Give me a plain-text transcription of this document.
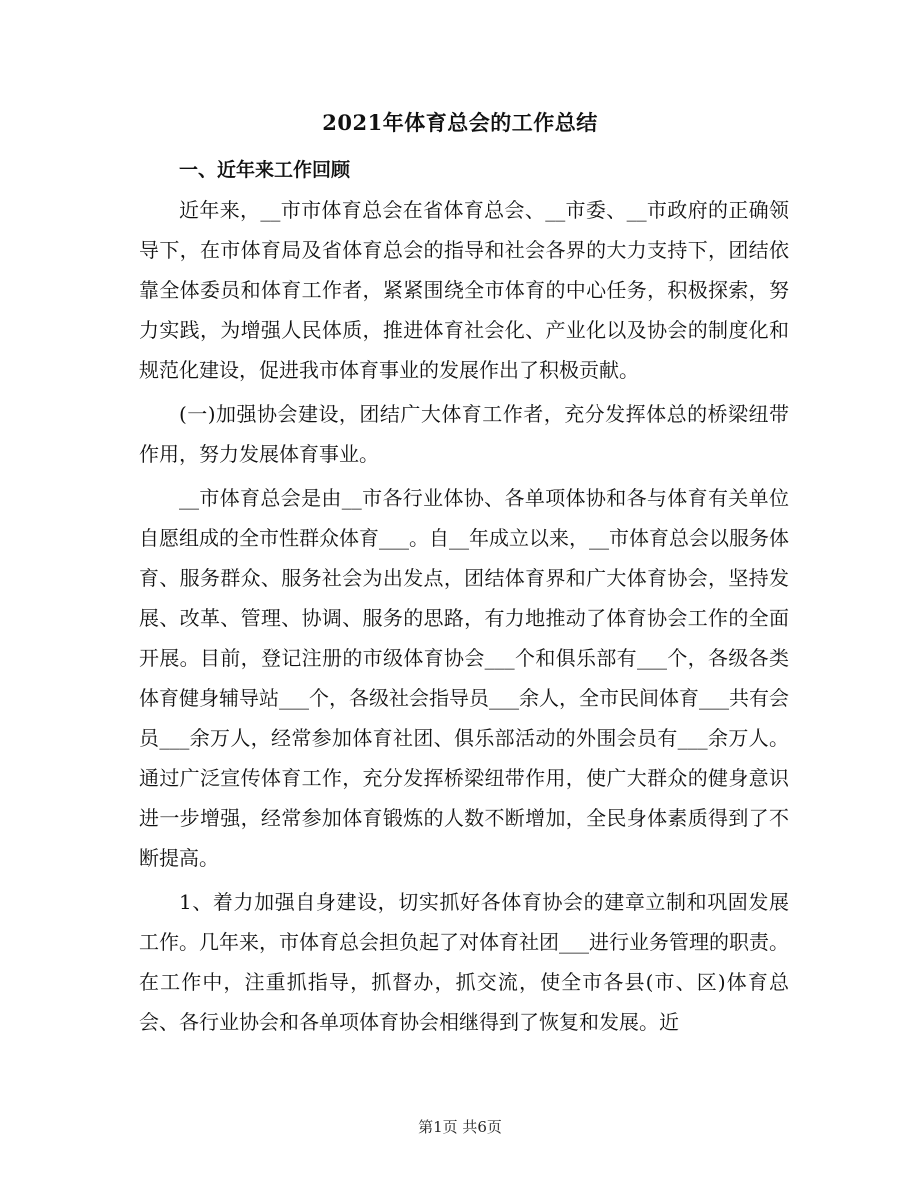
2021年体育总会的工作总结

一、近年来工作回顾

近年来，__市市体育总会在省体育总会、__市委、__市政府的正确领导下，在市体育局及省体育总会的指导和社会各界的大力支持下，团结依靠全体委员和体育工作者，紧紧围绕全市体育的中心任务，积极探索，努力实践，为增强人民体质，推进体育社会化、产业化以及协会的制度化和规范化建设，促进我市体育事业的发展作出了积极贡献。

(一)加强协会建设，团结广大体育工作者，充分发挥体总的桥梁纽带作用，努力发展体育事业。

__市体育总会是由__市各行业体协、各单项体协和各与体育有关单位自愿组成的全市性群众体育___。自__年成立以来，__市体育总会以服务体育、服务群众、服务社会为出发点，团结体育界和广大体育协会，坚持发展、改革、管理、协调、服务的思路，有力地推动了体育协会工作的全面开展。目前，登记注册的市级体育协会___个和俱乐部有___个，各级各类体育健身辅导站___个，各级社会指导员___余人，全市民间体育___共有会员___余万人，经常参加体育社团、俱乐部活动的外围会员有___余万人。通过广泛宣传体育工作，充分发挥桥梁纽带作用，使广大群众的健身意识进一步增强，经常参加体育锻炼的人数不断增加，全民身体素质得到了不断提高。

1、着力加强自身建设，切实抓好各体育协会的建章立制和巩固发展工作。几年来，市体育总会担负起了对体育社团___进行业务管理的职责。在工作中，注重抓指导，抓督办，抓交流，使全市各县(市、区)体育总会、各行业协会和各单项体育协会相继得到了恢复和发展。近

第1页 共6页
